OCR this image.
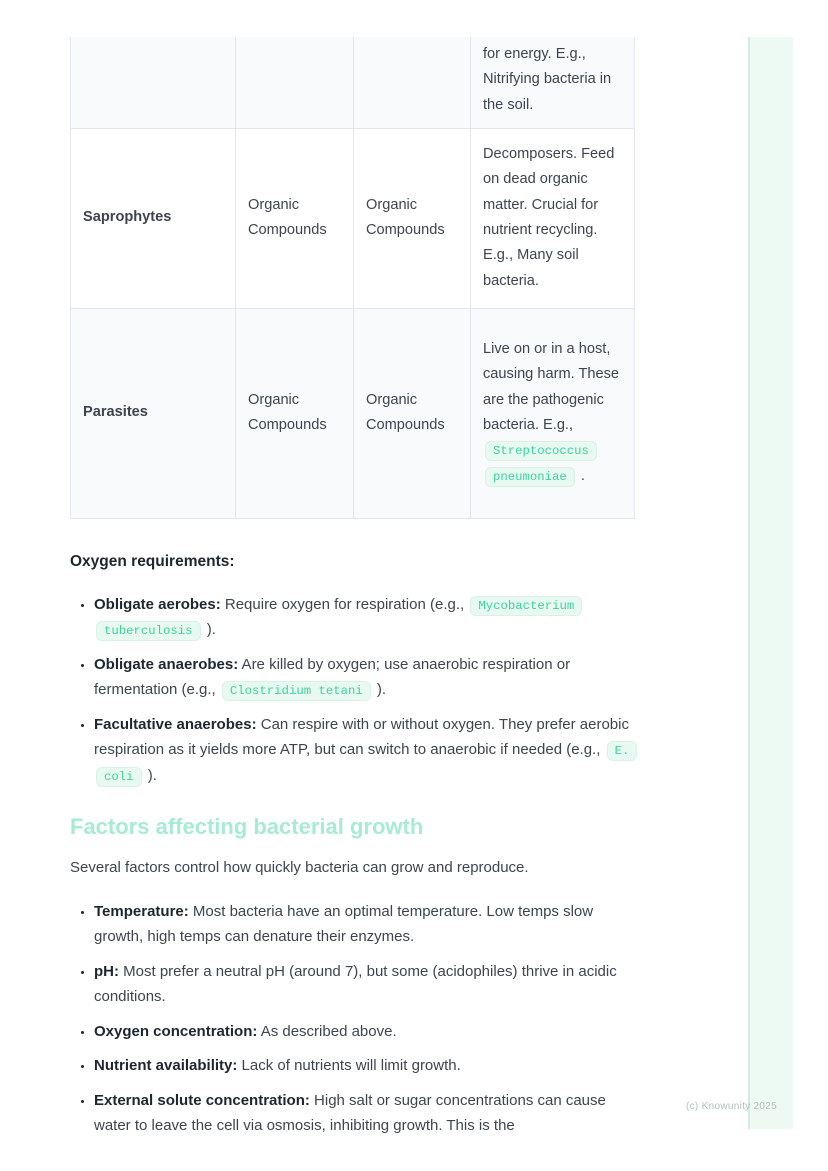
(c) Knowunity 2025
			for energy. E.g., Nitrifying bacteria in the soil.
Saprophytes	Organic Compounds	Organic Compounds	Decomposers. Feed on dead organic matter. Crucial for nutrient recycling. E.g., Many soil bacteria.
Parasites	Organic Compounds	Organic Compounds	Live on or in a host, causing harm. These are the pathogenic bacteria. E.g., Streptococcus pneumoniae .
Oxygen requirements:
• Obligate aerobes: Require oxygen for respiration (e.g., Mycobacterium tuberculosis ).
• Obligate anaerobes: Are killed by oxygen; use anaerobic respiration or fermentation (e.g., Clostridium tetani ).
• Facultative anaerobes: Can respire with or without oxygen. They prefer aerobic respiration as it yields more ATP, but can switch to anaerobic if needed (e.g., E. coli ).
Factors affecting bacterial growth

Several factors control how quickly bacteria can grow and reproduce.

• Temperature: Most bacteria have an optimal temperature. Low temps slow growth, high temps can denature their enzymes.
• pH: Most prefer a neutral pH (around 7), but some (acidophiles) thrive in acidic conditions.
• Oxygen concentration: As described above.
• Nutrient availability: Lack of nutrients will limit growth.
• External solute concentration: High salt or sugar concentrations can cause water to leave the cell via osmosis, inhibiting growth. This is the
